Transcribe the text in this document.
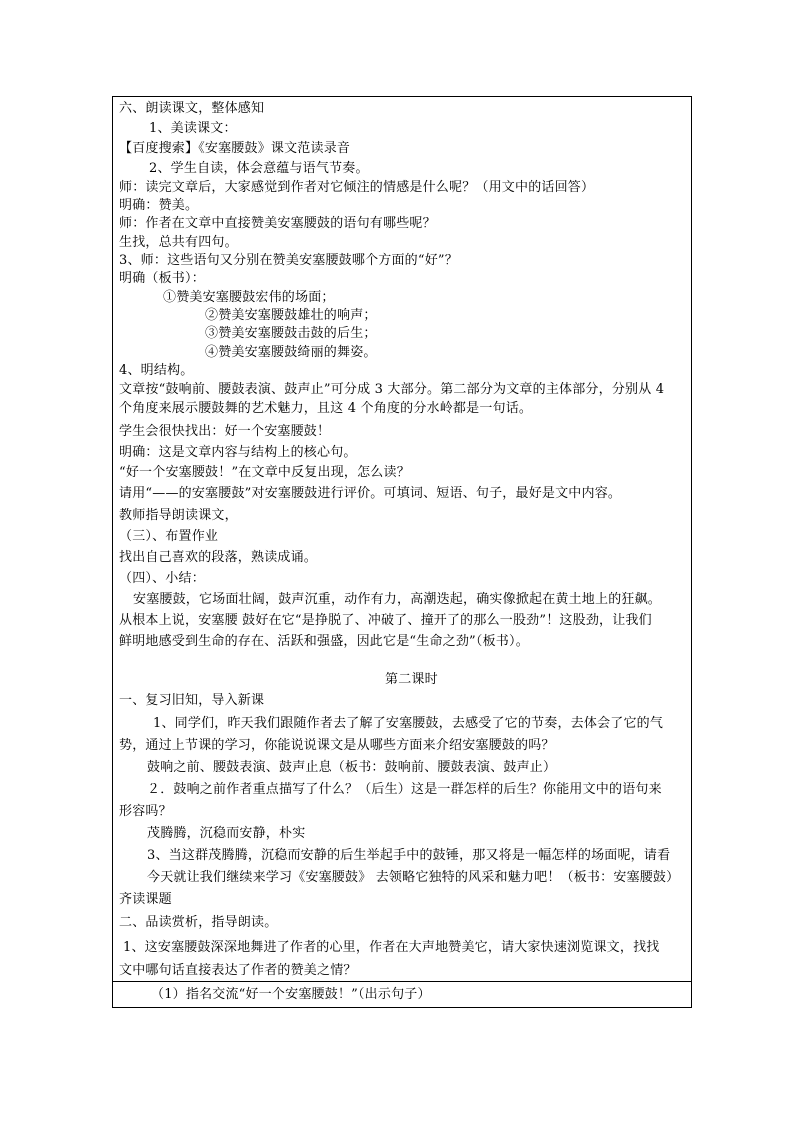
六、朗读课文，整体感知
1、美读课文：
【百度搜索】《安塞腰鼓》课文范读录音
2、学生自读，体会意蕴与语气节奏。
师：读完文章后，大家感觉到作者对它倾注的情感是什么呢？（用文中的话回答）
明确：赞美。
师：作者在文章中直接赞美安塞腰鼓的语句有哪些呢？
生找，总共有四句。
3、师：这些语句又分别在赞美安塞腰鼓哪个方面的“好”？
明确（板书）：
①赞美安塞腰鼓宏伟的场面；
②赞美安塞腰鼓雄壮的响声；
③赞美安塞腰鼓击鼓的后生；
④赞美安塞腰鼓绮丽的舞姿。
4、明结构。
文章按“鼓响前、腰鼓表演、鼓声止”可分成 3 大部分。第二部分为文章的主体部分，分别从 4
个角度来展示腰鼓舞的艺术魅力，且这 4 个角度的分水岭都是一句话。
学生会很快找出：好一个安塞腰鼓！
明确：这是文章内容与结构上的核心句。
“好一个安塞腰鼓！”在文章中反复出现，怎么读？
请用“——的安塞腰鼓”对安塞腰鼓进行评价。可填词、短语、句子，最好是文中内容。
教师指导朗读课文，
（三）、布置作业
找出自己喜欢的段落，熟读成诵。
（四）、小结：
安塞腰鼓，它场面壮阔，鼓声沉重，动作有力，高潮迭起，确实像掀起在黄土地上的狂飙。
从根本上说，安塞腰 鼓好在它“是挣脱了、冲破了、撞开了的那么一股劲”！这股劲，让我们
鲜明地感受到生命的存在、活跃和强盛，因此它是“生命之劲”（板书）。
第二课时
一、复习旧知，导入新课
1、同学们，昨天我们跟随作者去了解了安塞腰鼓，去感受了它的节奏，去体会了它的气
势，通过上节课的学习，你能说说课文是从哪些方面来介绍安塞腰鼓的吗？
鼓响之前、腰鼓表演、鼓声止息（板书：鼓响前、腰鼓表演、鼓声止）
２．鼓响之前作者重点描写了什么？（后生）这是一群怎样的后生？你能用文中的语句来
形容吗？
茂腾腾，沉稳而安静，朴实
3、当这群茂腾腾，沉稳而安静的后生举起手中的鼓锤，那又将是一幅怎样的场面呢，请看
今天就让我们继续来学习《安塞腰鼓》 去领略它独特的风采和魅力吧！（板书：安塞腰鼓）
齐读课题
二、品读赏析，指导朗读。
1、这安塞腰鼓深深地舞进了作者的心里，作者在大声地赞美它，请大家快速浏览课文，找找
文中哪句话直接表达了作者的赞美之情？
（1）指名交流“好一个安塞腰鼓！”（出示句子）
